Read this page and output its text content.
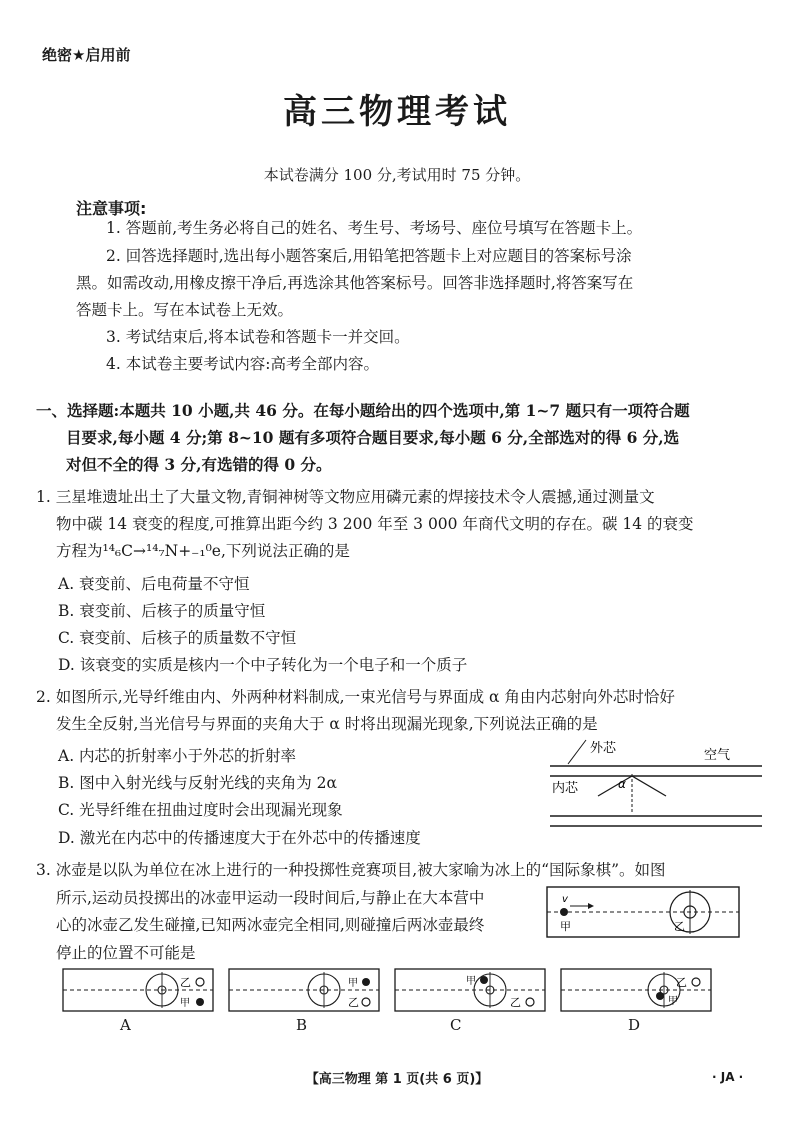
绝密★启用前
高三物理考试
本试卷满分 100 分,考试用时 75 分钟。
注意事项:
1. 答题前,考生务必将自己的姓名、考生号、考场号、座位号填写在答题卡上。
2. 回答选择题时,选出每小题答案后,用铅笔把答题卡上对应题目的答案标号涂
黑。如需改动,用橡皮擦干净后,再选涂其他答案标号。回答非选择题时,将答案写在
答题卡上。写在本试卷上无效。
3. 考试结束后,将本试卷和答题卡一并交回。
4. 本试卷主要考试内容:高考全部内容。
一、选择题:本题共 10 小题,共 46 分。在每小题给出的四个选项中,第 1~7 题只有一项符合题
目要求,每小题 4 分;第 8~10 题有多项符合题目要求,每小题 6 分,全部选对的得 6 分,选
对但不全的得 3 分,有选错的得 0 分。
1. 三星堆遗址出土了大量文物,青铜神树等文物应用磷元素的焊接技术令人震撼,通过测量文
物中碳 14 衰变的程度,可推算出距今约 3 200 年至 3 000 年商代文明的存在。碳 14 的衰变
方程为¹⁴₆C→¹⁴₇N+₋₁⁰e,下列说法正确的是
A. 衰变前、后电荷量不守恒
B. 衰变前、后核子的质量守恒
C. 衰变前、后核子的质量数不守恒
D. 该衰变的实质是核内一个中子转化为一个电子和一个质子
2. 如图所示,光导纤维由内、外两种材料制成,一束光信号与界面成 α 角由内芯射向外芯时恰好
发生全反射,当光信号与界面的夹角大于 α 时将出现漏光现象,下列说法正确的是
A. 内芯的折射率小于外芯的折射率
B. 图中入射光线与反射光线的夹角为 2α
C. 光导纤维在扭曲过度时会出现漏光现象
D. 激光在内芯中的传播速度大于在外芯中的传播速度
外芯	空气
内芯	α
3. 冰壶是以队为单位在冰上进行的一种投掷性竞赛项目,被大家喻为冰上的“国际象棋”。如图
所示,运动员投掷出的冰壶甲运动一段时间后,与静止在大本营中
心的冰壶乙发生碰撞,已知两冰壶完全相同,则碰撞后两冰壶最终
停止的位置不可能是
v
甲	乙
乙
甲
A
甲
乙
B
甲
乙
C
乙
甲
D
【高三物理 第 1 页(共 6 页)】	· JA ·
